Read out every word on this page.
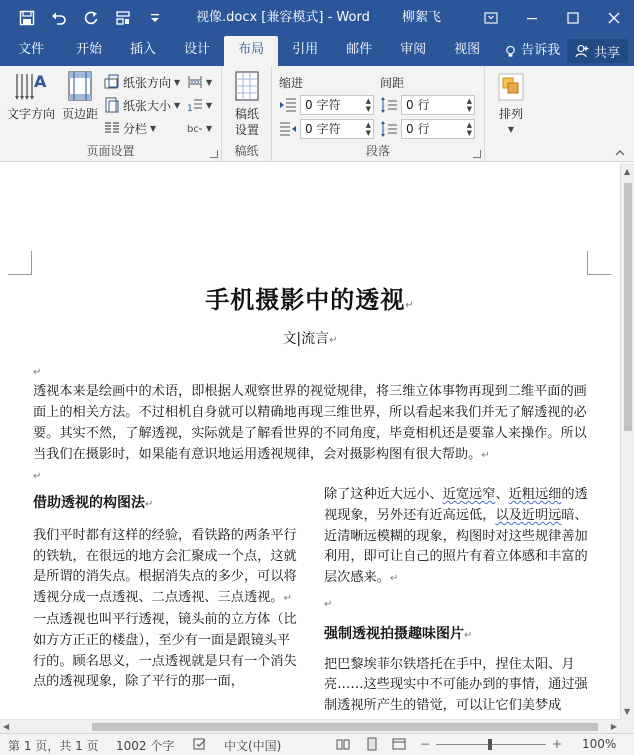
视像.docx [兼容模式] - Word 柳絮飞
文件	开始	插入	设计	布局	引用	邮件	审阅	视图	告诉我	共享
A
文字方向 页边距
纸张方向 ▼
纸张大小 ▼
分栏 ▼
▼
1 ▼
bc ▼
页面设置
稿纸
设置
稿纸
缩进	间距
0 字符	▲
▼
0 字符	▲
▼
0 行	▲
▼
0 行	▲
▼
段落
排列
▼
手机摄影中的透视↵
文|流言↵
↵
透视本来是绘画中的术语，即根据人观察世界的视觉规律，将三维立体事物再现到二维平面的画面上的相关方法。不过相机自身就可以精确地再现三维世界，所以看起来我们并无了解透视的必要。其实不然，了解透视，实际就是了解看世界的不同角度，毕竟相机还是要靠人来操作。所以当我们在摄影时，如果能有意识地运用透视规律，会对摄影构图有很大帮助。↵
↵
借助透视的构图法↵
我们平时都有这样的经验，看铁路的两条平行的铁轨，在很远的地方会汇聚成一个点，这就是所谓的消失点。根据消失点的多少，可以将透视分成一点透视、二点透视、三点透视。↵
一点透视也叫平行透视，镜头前的立方体（比如方方正正的楼盘），至少有一面是跟镜头平行的。顾名思义，一点透视就是只有一个消失点的透视现象，除了平行的那一面，
除了这种近大远小、近宽远窄、近粗远细的透视现象，另外还有近高远低，以及近明远暗、近清晰远模糊的现象，构图时对这些规律善加利用，即可让自己的照片有着立体感和丰富的层次感来。↵
↵
强制透视拍摄趣味图片↵
把巴黎埃菲尔铁塔托在手中，捏住太阳、月亮……这些现实中不可能办到的事情，通过强制透视所产生的错觉，可以让它们美梦成
▲
▼
◀	▶
第 1 页，共 1 页 1002 个字	中文(中国)	−	+ 100%
